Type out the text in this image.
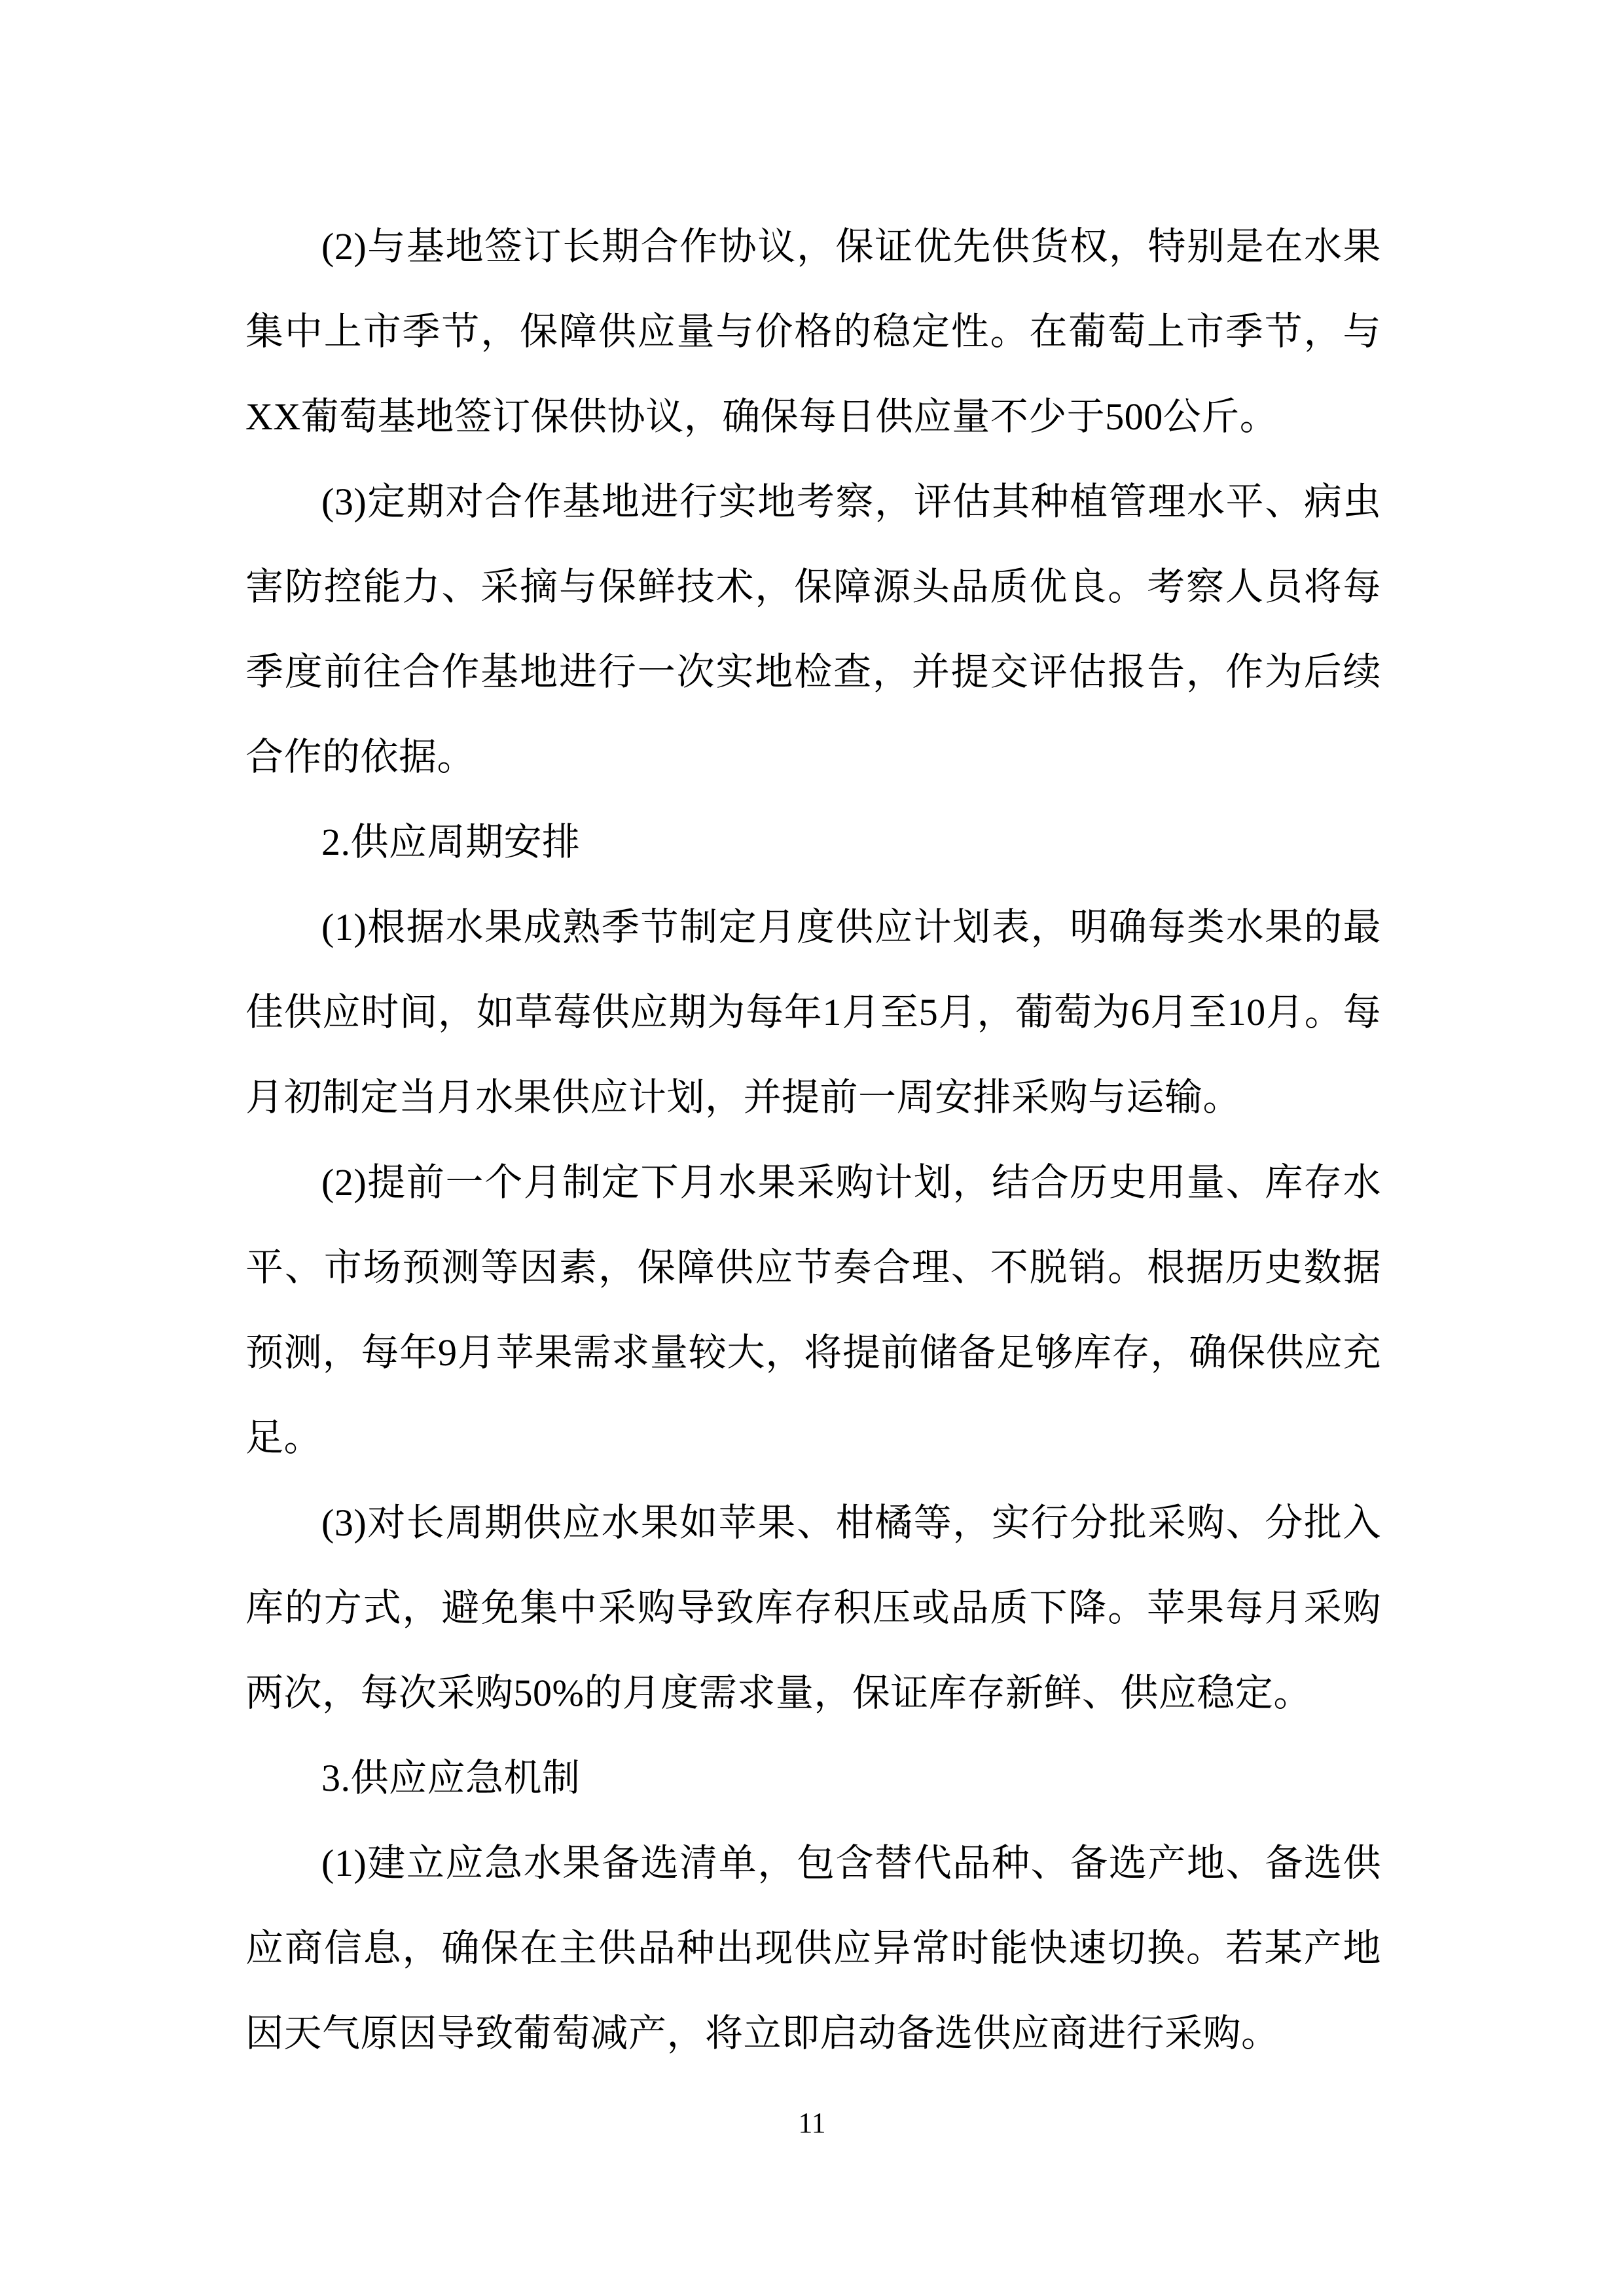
(2)与基地签订长期合作协议，保证优先供货权，特别是在水果集中上市季节，保障供应量与价格的稳定性。在葡萄上市季节，与XX葡萄基地签订保供协议，确保每日供应量不少于500公斤。

(3)定期对合作基地进行实地考察，评估其种植管理水平、病虫害防控能力、采摘与保鲜技术，保障源头品质优良。考察人员将每季度前往合作基地进行一次实地检查，并提交评估报告，作为后续合作的依据。

2.供应周期安排

(1)根据水果成熟季节制定月度供应计划表，明确每类水果的最佳供应时间，如草莓供应期为每年1月至5月，葡萄为6月至10月。每月初制定当月水果供应计划，并提前一周安排采购与运输。

(2)提前一个月制定下月水果采购计划，结合历史用量、库存水平、市场预测等因素，保障供应节奏合理、不脱销。根据历史数据预测，每年9月苹果需求量较大，将提前储备足够库存，确保供应充足。

(3)对长周期供应水果如苹果、柑橘等，实行分批采购、分批入库的方式，避免集中采购导致库存积压或品质下降。苹果每月采购两次，每次采购50%的月度需求量，保证库存新鲜、供应稳定。

3.供应应急机制

(1)建立应急水果备选清单，包含替代品种、备选产地、备选供应商信息，确保在主供品种出现供应异常时能快速切换。若某产地因天气原因导致葡萄减产，将立即启动备选供应商进行采购。

11
